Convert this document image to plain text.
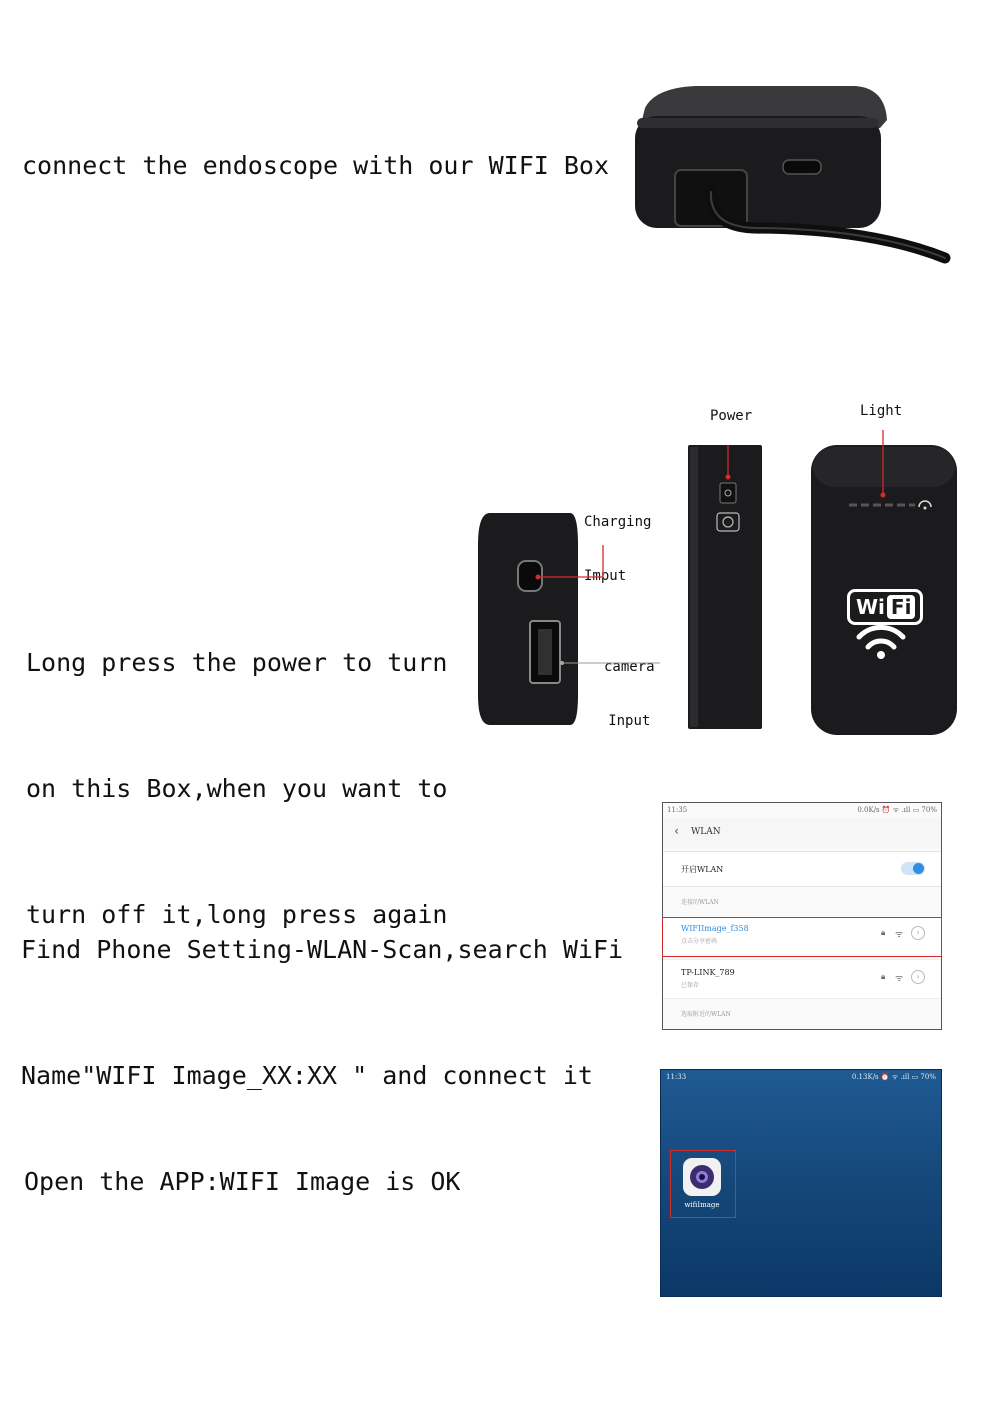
connect the endoscope with our WIFI Box

Long press the power to turn

on this Box,when you want to

turn off it,long press again

Power	Light

Charging

Imput

camera

Input

Wi Fi

Find Phone Setting-WLAN-Scan,search WiFi

Name"WIFI Image_XX:XX " and connect it

11:35	0.0K/s ⏰ ᯤ .ıll ▭ 70%
‹ WLAN
开启WLAN
连接的WLAN
WIFIImage_f358
点击分享密码
🔒︎ ᯤ	›
TP-LINK_789
已保存
🔒︎ ᯤ	›
选取附近的WLAN
Open the APP:WIFI Image is OK
11:33	0.13K/s ⏰ ᯤ .ıll ▭ 70%
wifiImage
